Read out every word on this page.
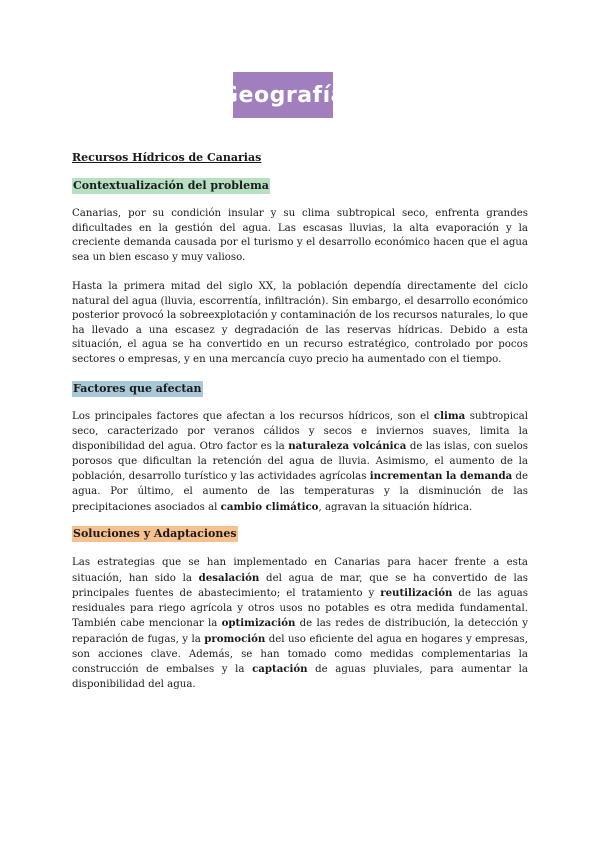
Geografía
Recursos Hídricos de Canarias
Contextualización del problema

Canarias, por su condición insular y su clima subtropical seco, enfrenta grandes dificultades en la gestión del agua. Las escasas lluvias, la alta evaporación y la creciente demanda causada por el turismo y el desarrollo económico hacen que el agua sea un bien escaso y muy valioso.

Hasta la primera mitad del siglo XX, la población dependía directamente del ciclo natural del agua (lluvia, escorrentía, infiltración). Sin embargo, el desarrollo económico posterior provocó la sobreexplotación y contaminación de los recursos naturales, lo que ha llevado a una escasez y degradación de las reservas hídricas. Debido a esta situación, el agua se ha convertido en un recurso estratégico, controlado por pocos sectores o empresas, y en una mercancía cuyo precio ha aumentado con el tiempo.

Factores que afectan

Los principales factores que afectan a los recursos hídricos, son el clima subtropical seco, caracterizado por veranos cálidos y secos e inviernos suaves, limita la disponibilidad del agua. Otro factor es la naturaleza volcánica de las islas, con suelos porosos que dificultan la retención del agua de lluvia. Asimismo, el aumento de la población, desarrollo turístico y las actividades agrícolas incrementan la demanda de agua. Por último, el aumento de las temperaturas y la disminución de las precipitaciones asociados al cambio climático, agravan la situación hídrica.

Soluciones y Adaptaciones

Las estrategias que se han implementado en Canarias para hacer frente a esta situación, han sido la desalación del agua de mar, que se ha convertido de las principales fuentes de abastecimiento; el tratamiento y reutilización de las aguas residuales para riego agrícola y otros usos no potables es otra medida fundamental. También cabe mencionar la optimización de las redes de distribución, la detección y reparación de fugas, y la promoción del uso eficiente del agua en hogares y empresas, son acciones clave. Además, se han tomado como medidas complementarias la construcción de embalses y la captación de aguas pluviales, para aumentar la disponibilidad del agua.
